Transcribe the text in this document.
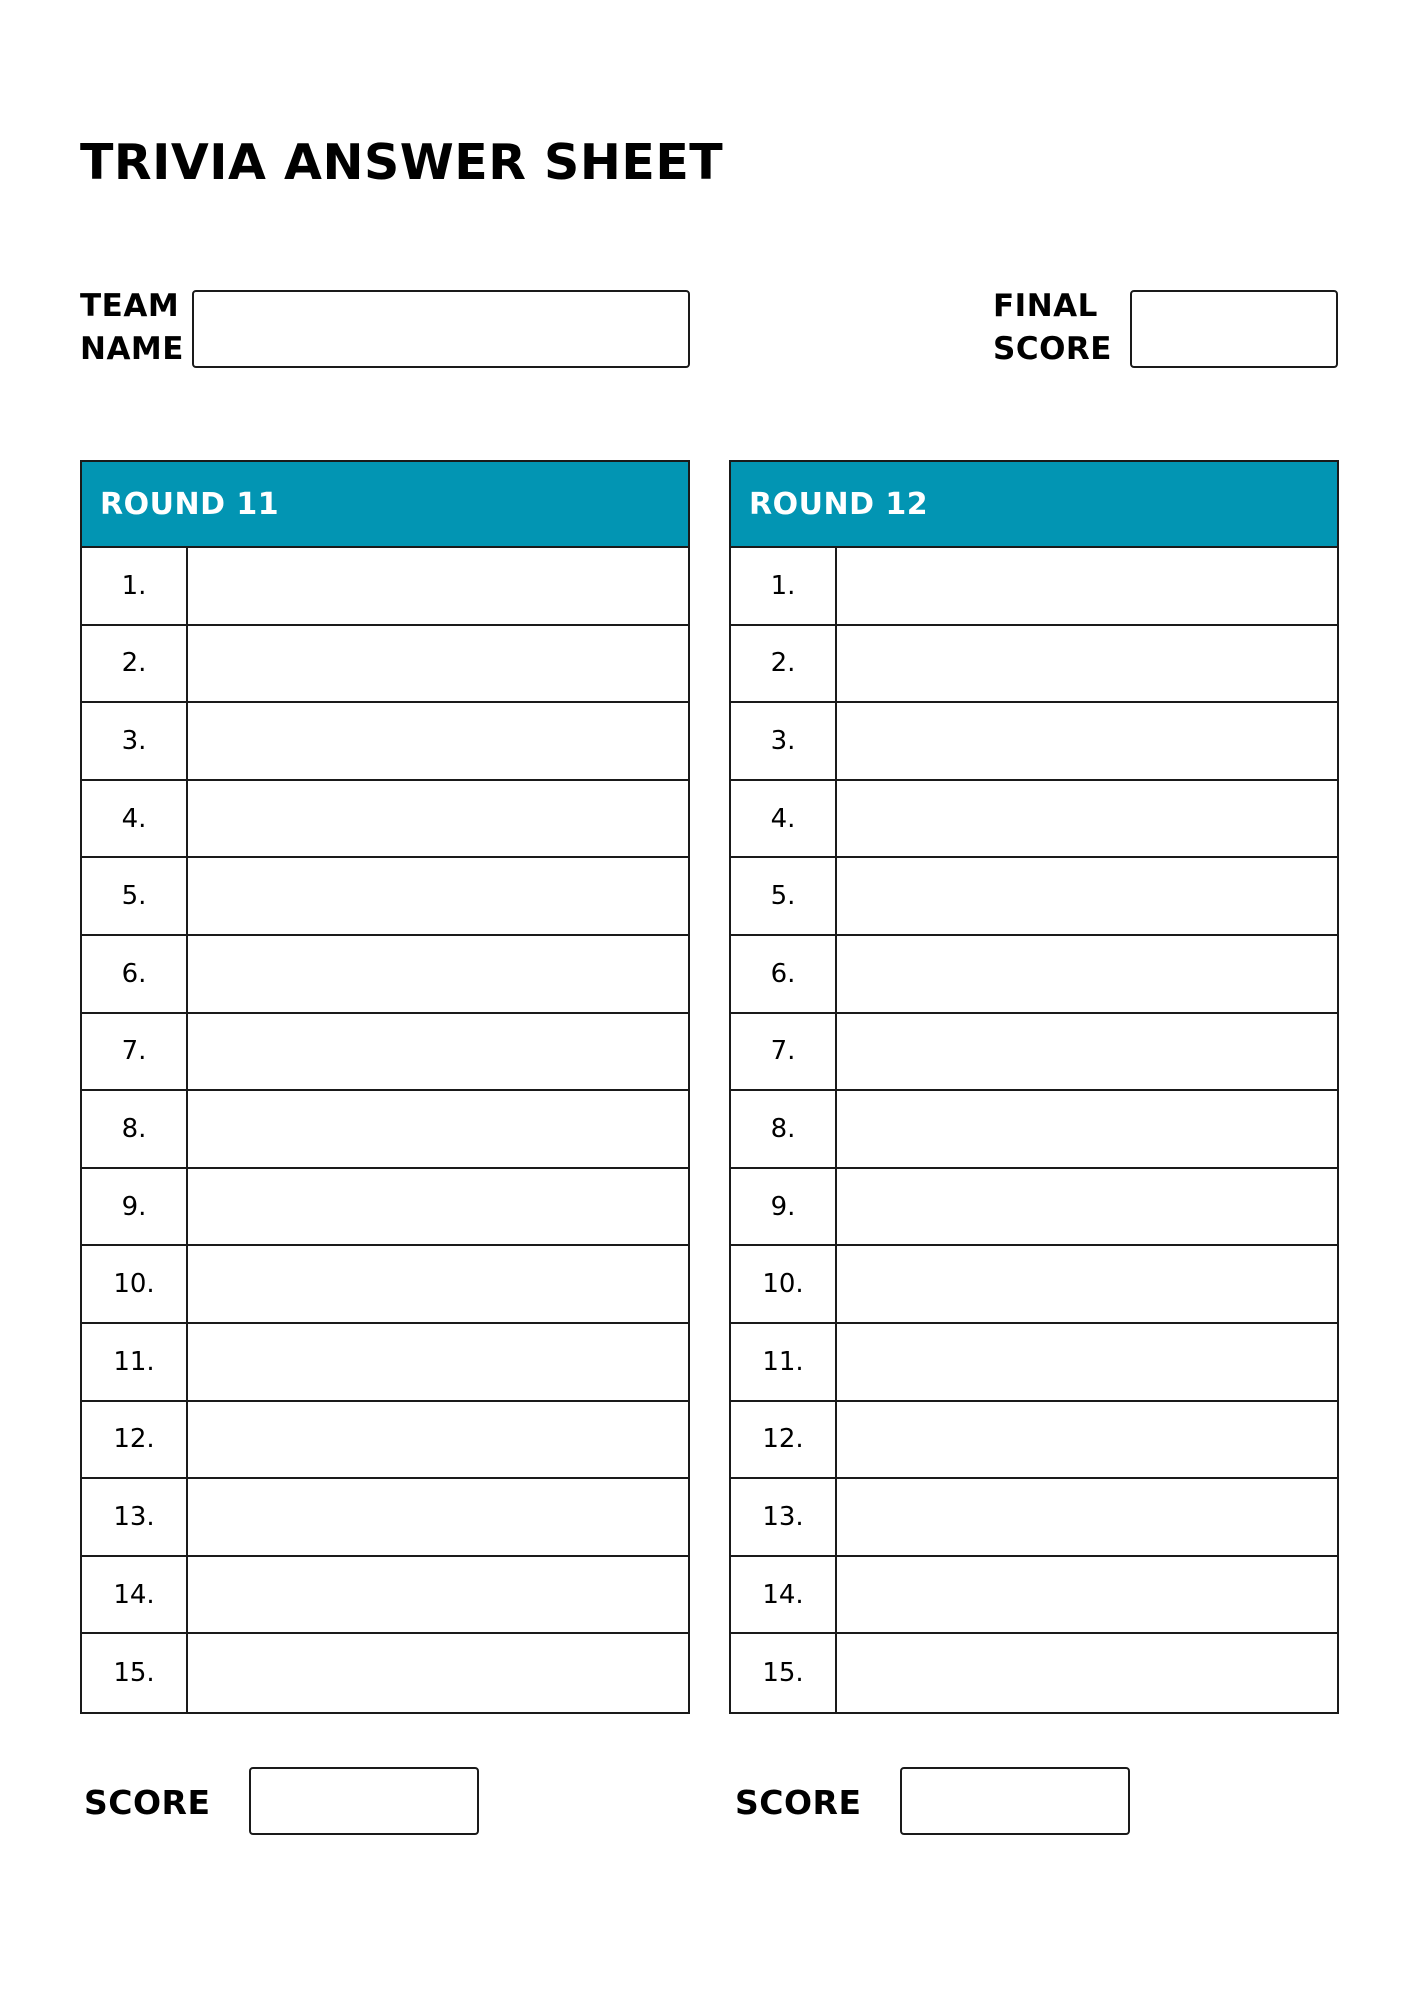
TRIVIA ANSWER SHEET
TEAM
NAME
FINAL
SCORE
ROUND 11
1.
2.
3.
4.
5.
6.
7.
8.
9.
10.
11.
12.
13.
14.
15.
ROUND 12
1.
2.
3.
4.
5.
6.
7.
8.
9.
10.
11.
12.
13.
14.
15.
SCORE	SCORE
